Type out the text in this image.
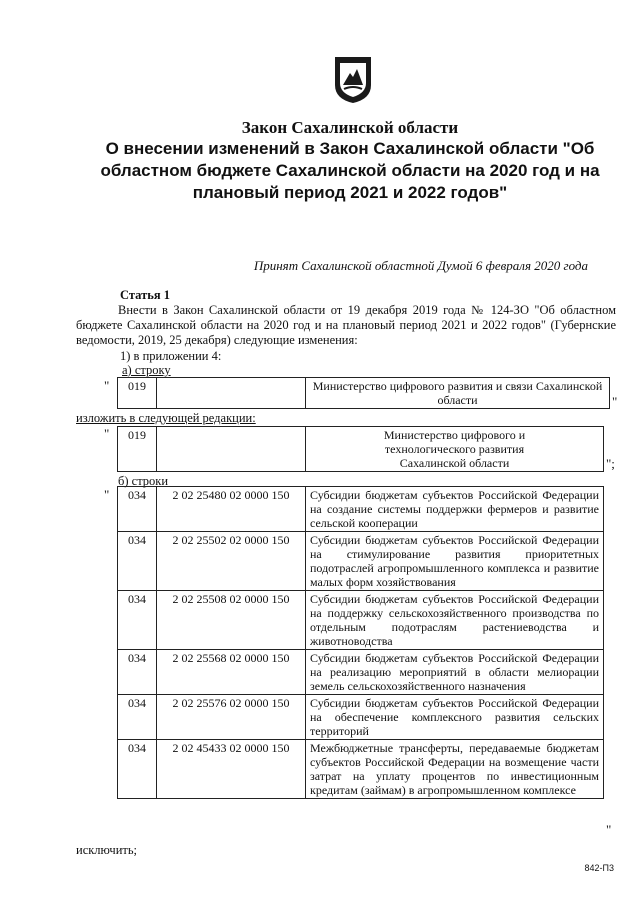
Закон Сахалинской области
О внесении изменений в Закон Сахалинской области "Об областном бюджете Сахалинской области на 2020 год и на плановый период 2021 и 2022 годов"
Принят Сахалинской областной Думой 6 февраля 2020 года
Статья 1
Внести в Закон Сахалинской области от 19 декабря 2019 года № 124-ЗО "Об областном бюджете Сахалинской области на 2020 год и на плановый период 2021 и 2022 годов" (Губернские ведомости, 2019, 25 декабря) следующие изменения:
1) в приложении 4:
а) строку
" 019		Министерство цифрового развития и связи Сахалинской области	"
изложить в следующей редакции:
" 019		Министерство цифрового и технологического развития Сахалинской области	";
б) строки
" 034	2 02 25480 02 0000 150	Субсидии бюджетам субъектов Российской Федерации на создание системы поддержки фермеров и развитие сельской кооперации
034	2 02 25502 02 0000 150	Субсидии бюджетам субъектов Российской Федерации на стимулирование развития приоритетных подотраслей агропромышленного комплекса и развитие малых форм хозяйствования
034	2 02 25508 02 0000 150	Субсидии бюджетам субъектов Российской Федерации на поддержку сельскохозяйственного производства по отдельным подотраслям растениеводства и животноводства
034	2 02 25568 02 0000 150	Субсидии бюджетам субъектов Российской Федерации на реализацию мероприятий в области мелиорации земель сельскохозяйственного назначения
034	2 02 25576 02 0000 150	Субсидии бюджетам субъектов Российской Федерации на обеспечение комплексного развития сельских территорий
034	2 02 45433 02 0000 150	Межбюджетные трансферты, передаваемые бюджетам субъектов Российской Федерации на возмещение части затрат на уплату процентов по инвестиционным кредитам (займам) в агропромышленном комплексе
"
исключить;
842-П3
